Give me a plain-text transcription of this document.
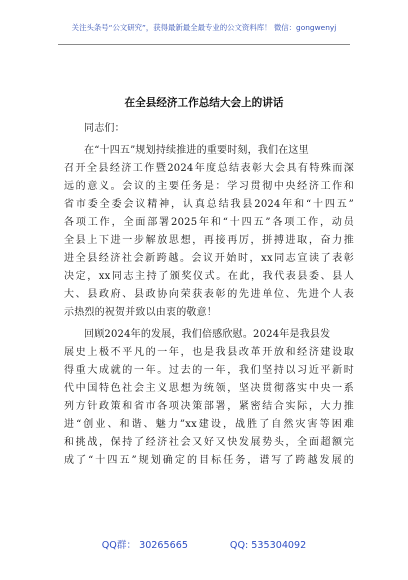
关注头条号“公文研究”，获得最新最全最专业的公文资料库！ 微信：gongwenyj
在全县经济工作总结大会上的讲话
同志们：
在“十四五”规划持续推进的重要时刻，我们在这里
召开全县经济工作暨2024年度总结表彰大会具有特殊而深
远的意义。会议的主要任务是：学习贯彻中央经济工作和
省市委全委会议精神，认真总结我县2024年和“十四五”
各项工作，全面部署2025年和“十四五”各项工作，动员
全县上下进一步解放思想，再接再厉，拼搏进取，奋力推
进全县经济社会新跨越。会议开始时，xx同志宣读了表彰
决定，xx同志主持了颁奖仪式。在此，我代表县委、县人
大、县政府、县政协向荣获表彰的先进单位、先进个人表
示热烈的祝贺并致以由衷的敬意！
回顾2024年的发展，我们倍感欣慰。2024年是我县发
展史上极不平凡的一年，也是我县改革开放和经济建设取
得重大成就的一年。过去的一年，我们坚持以习近平新时
代中国特色社会主义思想为统领，坚决贯彻落实中央一系
列方针政策和省市各项决策部署，紧密结合实际，大力推
进“创业、和谐、魅力”xx建设，战胜了自然灾害等困难
和挑战，保持了经济社会又好又快发展势头，全面超额完
成了“十四五”规划确定的目标任务，谱写了跨越发展的
QQ群： 30265665	QQ: 535304092
